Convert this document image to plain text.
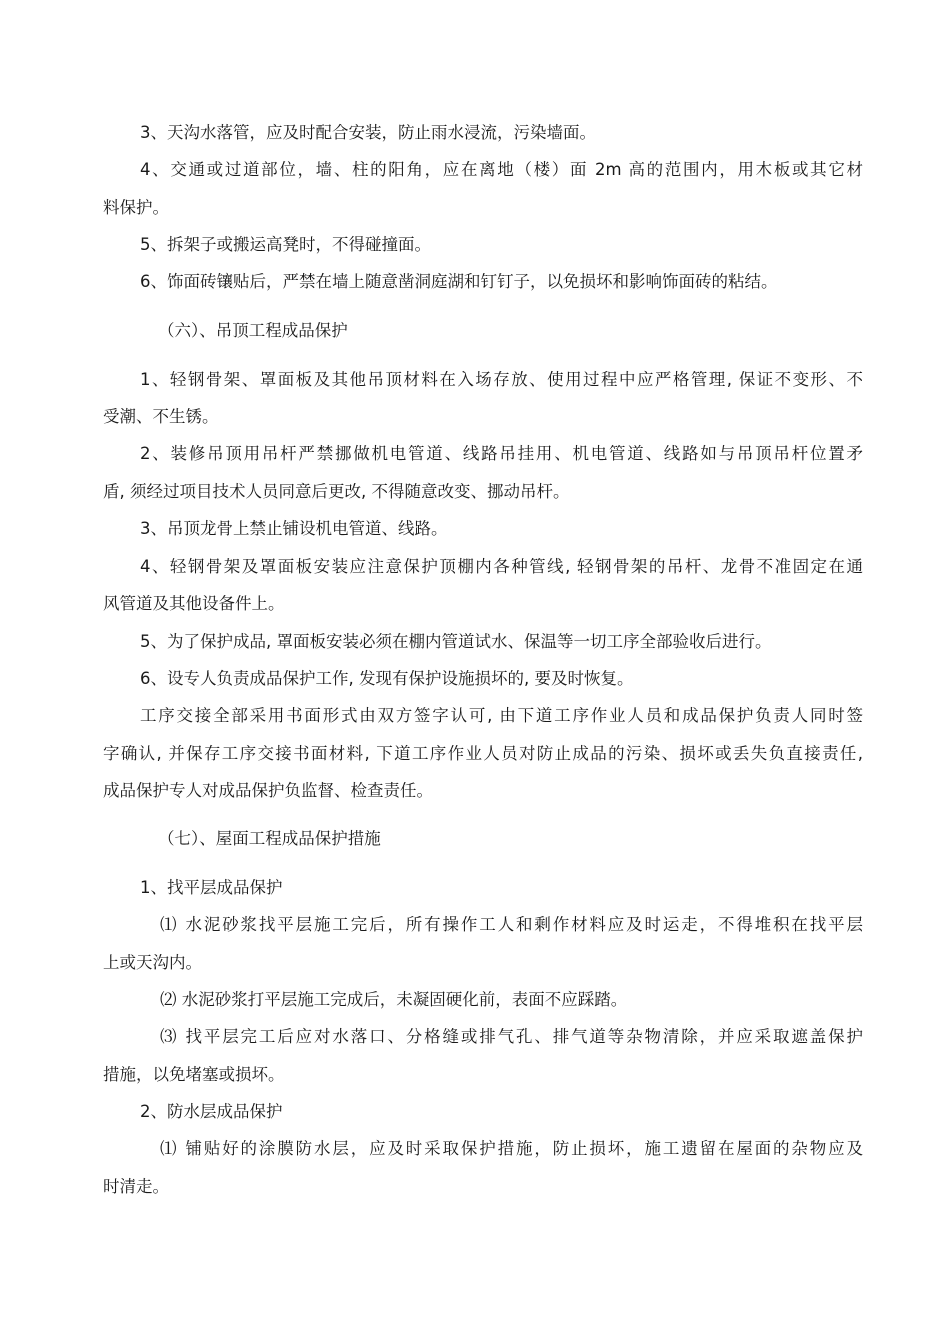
3、天沟水落管，应及时配合安装，防止雨水浸流，污染墙面。
4、交通或过道部位，墙、柱的阳角，应在离地（楼）面 2m 高的范围内，用木板或其它材
料保护。
5、拆架子或搬运高凳时，不得碰撞面。
6、饰面砖镶贴后，严禁在墙上随意凿洞庭湖和钉钉子，以免损坏和影响饰面砖的粘结。
（六）、吊顶工程成品保护
1、轻钢骨架、罩面板及其他吊顶材料在入场存放、使用过程中应严格管理, 保证不变形、不
受潮、不生锈。
2、装修吊顶用吊杆严禁挪做机电管道、线路吊挂用、机电管道、线路如与吊顶吊杆位置矛
盾, 须经过项目技术人员同意后更改, 不得随意改变、挪动吊杆。
3、吊顶龙骨上禁止铺设机电管道、线路。
4、轻钢骨架及罩面板安装应注意保护顶棚内各种管线, 轻钢骨架的吊杆、龙骨不准固定在通
风管道及其他设备件上。
5、为了保护成品, 罩面板安装必须在棚内管道试水、保温等一切工序全部验收后进行。
6、设专人负责成品保护工作, 发现有保护设施损坏的, 要及时恢复。
工序交接全部采用书面形式由双方签字认可, 由下道工序作业人员和成品保护负责人同时签
字确认, 并保存工序交接书面材料, 下道工序作业人员对防止成品的污染、损坏或丢失负直接责任,
成品保护专人对成品保护负监督、检查责任。
（七）、屋面工程成品保护措施
1、找平层成品保护
⑴ 水泥砂浆找平层施工完后，所有操作工人和剩作材料应及时运走，不得堆积在找平层
上或天沟内。
⑵ 水泥砂浆打平层施工完成后，未凝固硬化前，表面不应踩踏。
⑶ 找平层完工后应对水落口、分格缝或排气孔、排气道等杂物清除，并应采取遮盖保护
措施，以免堵塞或损坏。
2、防水层成品保护
⑴ 铺贴好的涂膜防水层，应及时采取保护措施，防止损坏，施工遗留在屋面的杂物应及
时清走。
